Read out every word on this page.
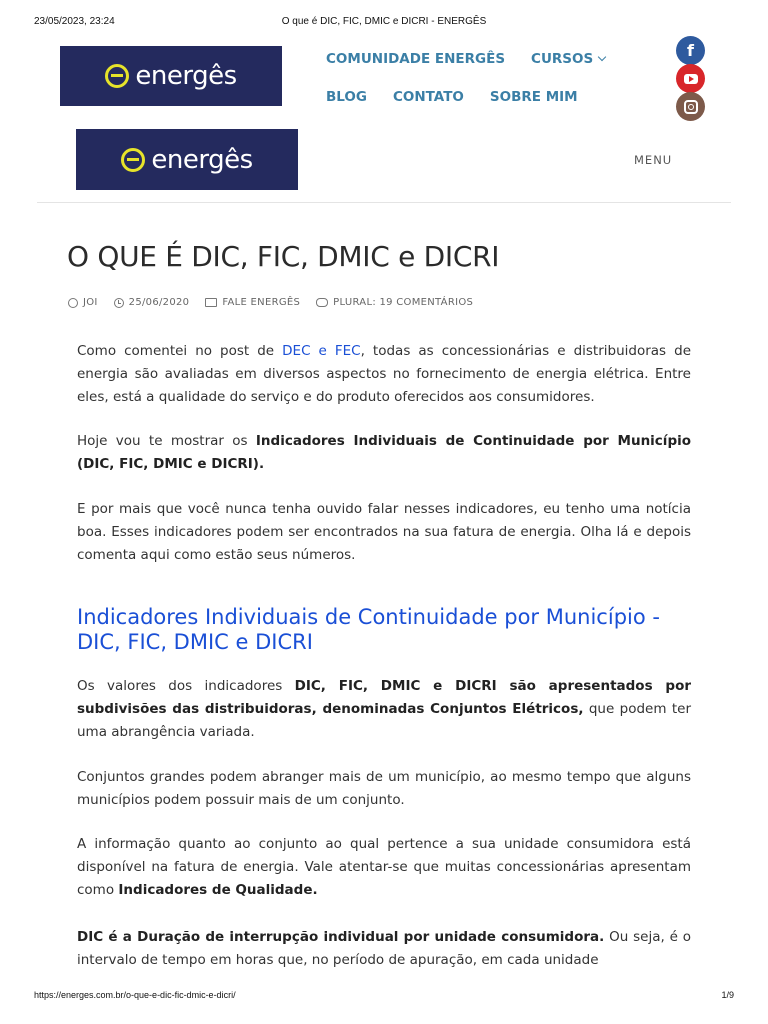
23/05/2023, 23:24	O que é DIC, FIC, DMIC e DICRI - ENERGÊS
energês
COMUNIDADE ENERGÊS CURSOS
BLOG CONTATO SOBRE MIM
f
energês	MENU
O QUE É DIC, FIC, DMIC e DICRI
JOI	25/06/2020	FALE ENERGÊS	PLURAL: 19 COMENTÁRIOS

Como comentei no post de DEC e FEC, todas as concessionárias e distribuidoras de energia são avaliadas em diversos aspectos no fornecimento de energia elétrica. Entre eles, está a qualidade do serviço e do produto oferecidos aos consumidores.

Hoje vou te mostrar os Indicadores Individuais de Continuidade por Município (DIC, FIC, DMIC e DICRI).

E por mais que você nunca tenha ouvido falar nesses indicadores, eu tenho uma notícia boa. Esses indicadores podem ser encontrados na sua fatura de energia. Olha lá e depois comenta aqui como estão seus números.

Indicadores Individuais de Continuidade por Município - DIC, FIC, DMIC e DICRI

Os valores dos indicadores DIC, FIC, DMIC e DICRI são apresentados por subdivisões das distribuidoras, denominadas Conjuntos Elétricos, que podem ter uma abrangência variada.

Conjuntos grandes podem abranger mais de um município, ao mesmo tempo que alguns municípios podem possuir mais de um conjunto.

A informação quanto ao conjunto ao qual pertence a sua unidade consumidora está disponível na fatura de energia. Vale atentar-se que muitas concessionárias apresentam como Indicadores de Qualidade.

DIC é a Duração de interrupção individual por unidade consumidora. Ou seja, é o intervalo de tempo em horas que, no período de apuração, em cada unidade

https://energes.com.br/o-que-e-dic-fic-dmic-e-dicri/	1/9
